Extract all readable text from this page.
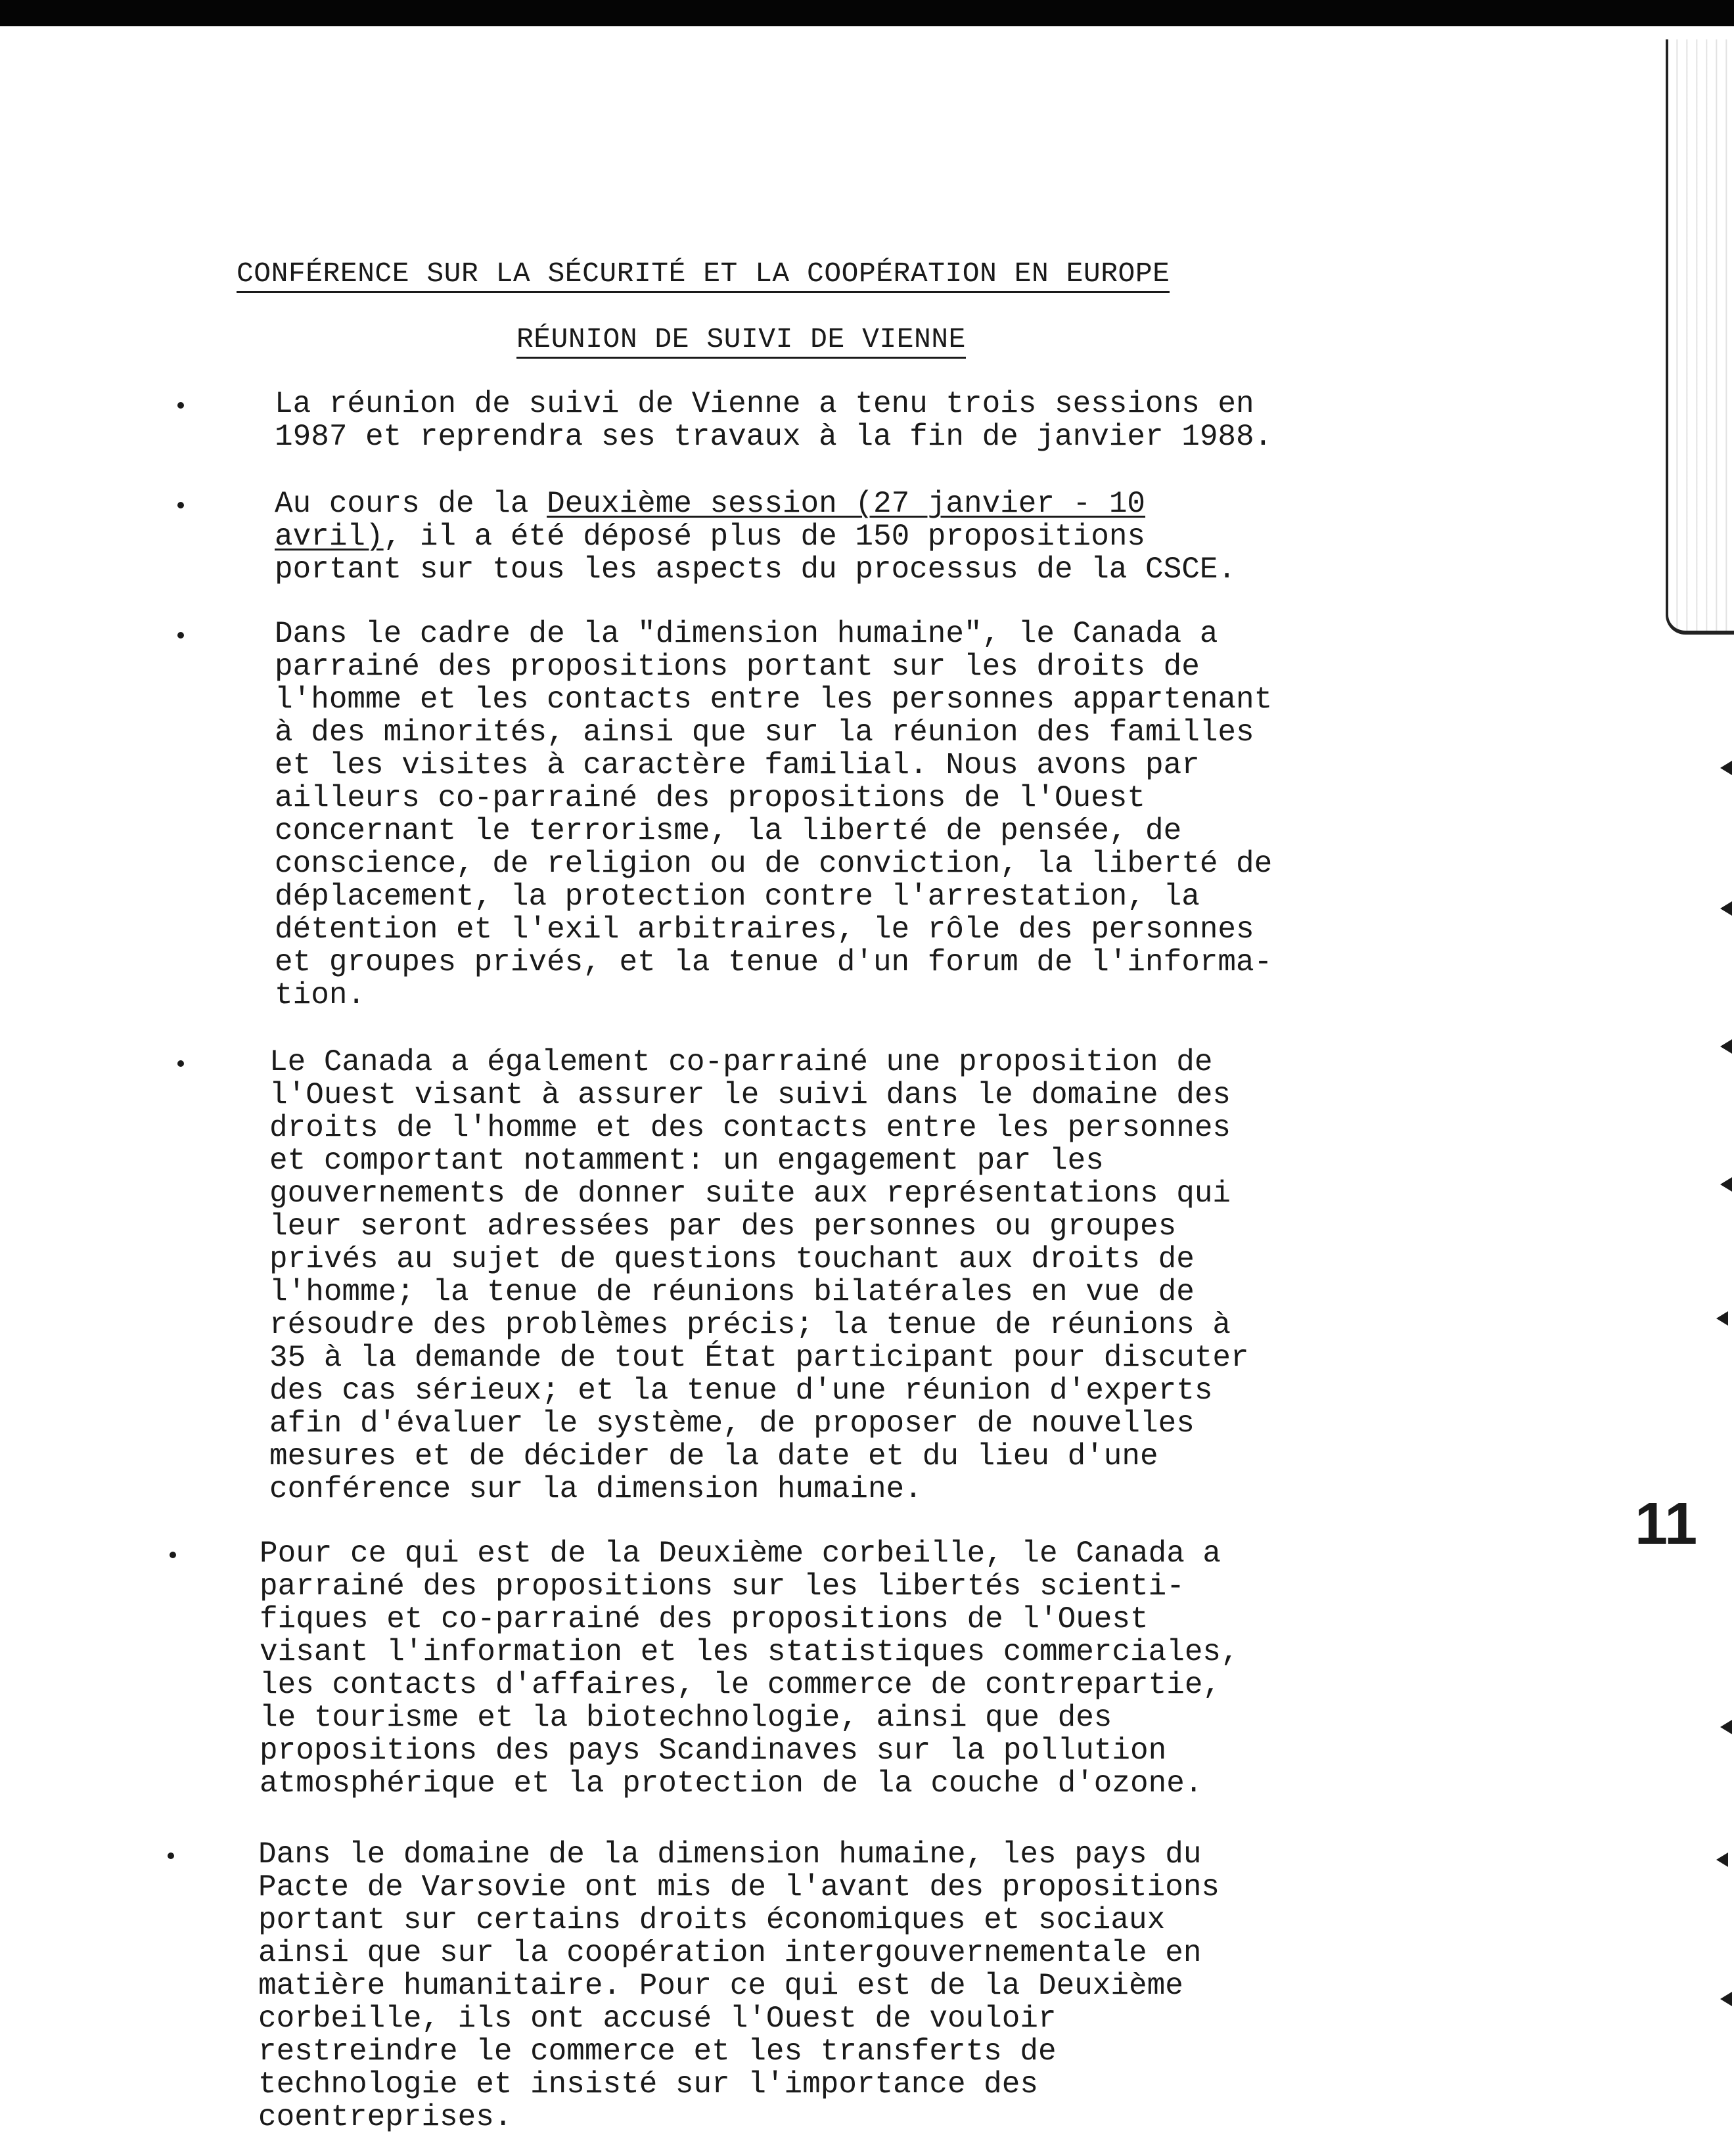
CONFÉRENCE SUR LA SÉCURITÉ ET LA COOPÉRATION EN EUROPE
RÉUNION DE SUIVI DE VIENNE
La réunion de suivi de Vienne a tenu trois sessions en
1987 et reprendra ses travaux à la fin de janvier 1988.
Au cours de la Deuxième session (27 janvier - 10
avril), il a été déposé plus de 150 propositions
portant sur tous les aspects du processus de la CSCE.
Dans le cadre de la "dimension humaine", le Canada a
parrainé des propositions portant sur les droits de
l'homme et les contacts entre les personnes appartenant
à des minorités, ainsi que sur la réunion des familles
et les visites à caractère familial. Nous avons par
ailleurs co-parrainé des propositions de l'Ouest
concernant le terrorisme, la liberté de pensée, de
conscience, de religion ou de conviction, la liberté de
déplacement, la protection contre l'arrestation, la
détention et l'exil arbitraires, le rôle des personnes
et groupes privés, et la tenue d'un forum de l'informa-
tion.
Le Canada a également co-parrainé une proposition de
l'Ouest visant à assurer le suivi dans le domaine des
droits de l'homme et des contacts entre les personnes
et comportant notamment: un engagement par les
gouvernements de donner suite aux représentations qui
leur seront adressées par des personnes ou groupes
privés au sujet de questions touchant aux droits de
l'homme; la tenue de réunions bilatérales en vue de
résoudre des problèmes précis; la tenue de réunions à
35 à la demande de tout État participant pour discuter
des cas sérieux; et la tenue d'une réunion d'experts
afin d'évaluer le système, de proposer de nouvelles
mesures et de décider de la date et du lieu d'une
conférence sur la dimension humaine.
Pour ce qui est de la Deuxième corbeille, le Canada a
parrainé des propositions sur les libertés scienti-
fiques et co-parrainé des propositions de l'Ouest
visant l'information et les statistiques commerciales,
les contacts d'affaires, le commerce de contrepartie,
le tourisme et la biotechnologie, ainsi que des
propositions des pays Scandinaves sur la pollution
atmosphérique et la protection de la couche d'ozone.
Dans le domaine de la dimension humaine, les pays du
Pacte de Varsovie ont mis de l'avant des propositions
portant sur certains droits économiques et sociaux
ainsi que sur la coopération intergouvernementale en
matière humanitaire. Pour ce qui est de la Deuxième
corbeille, ils ont accusé l'Ouest de vouloir
restreindre le commerce et les transferts de
technologie et insisté sur l'importance des
coentreprises.
11
